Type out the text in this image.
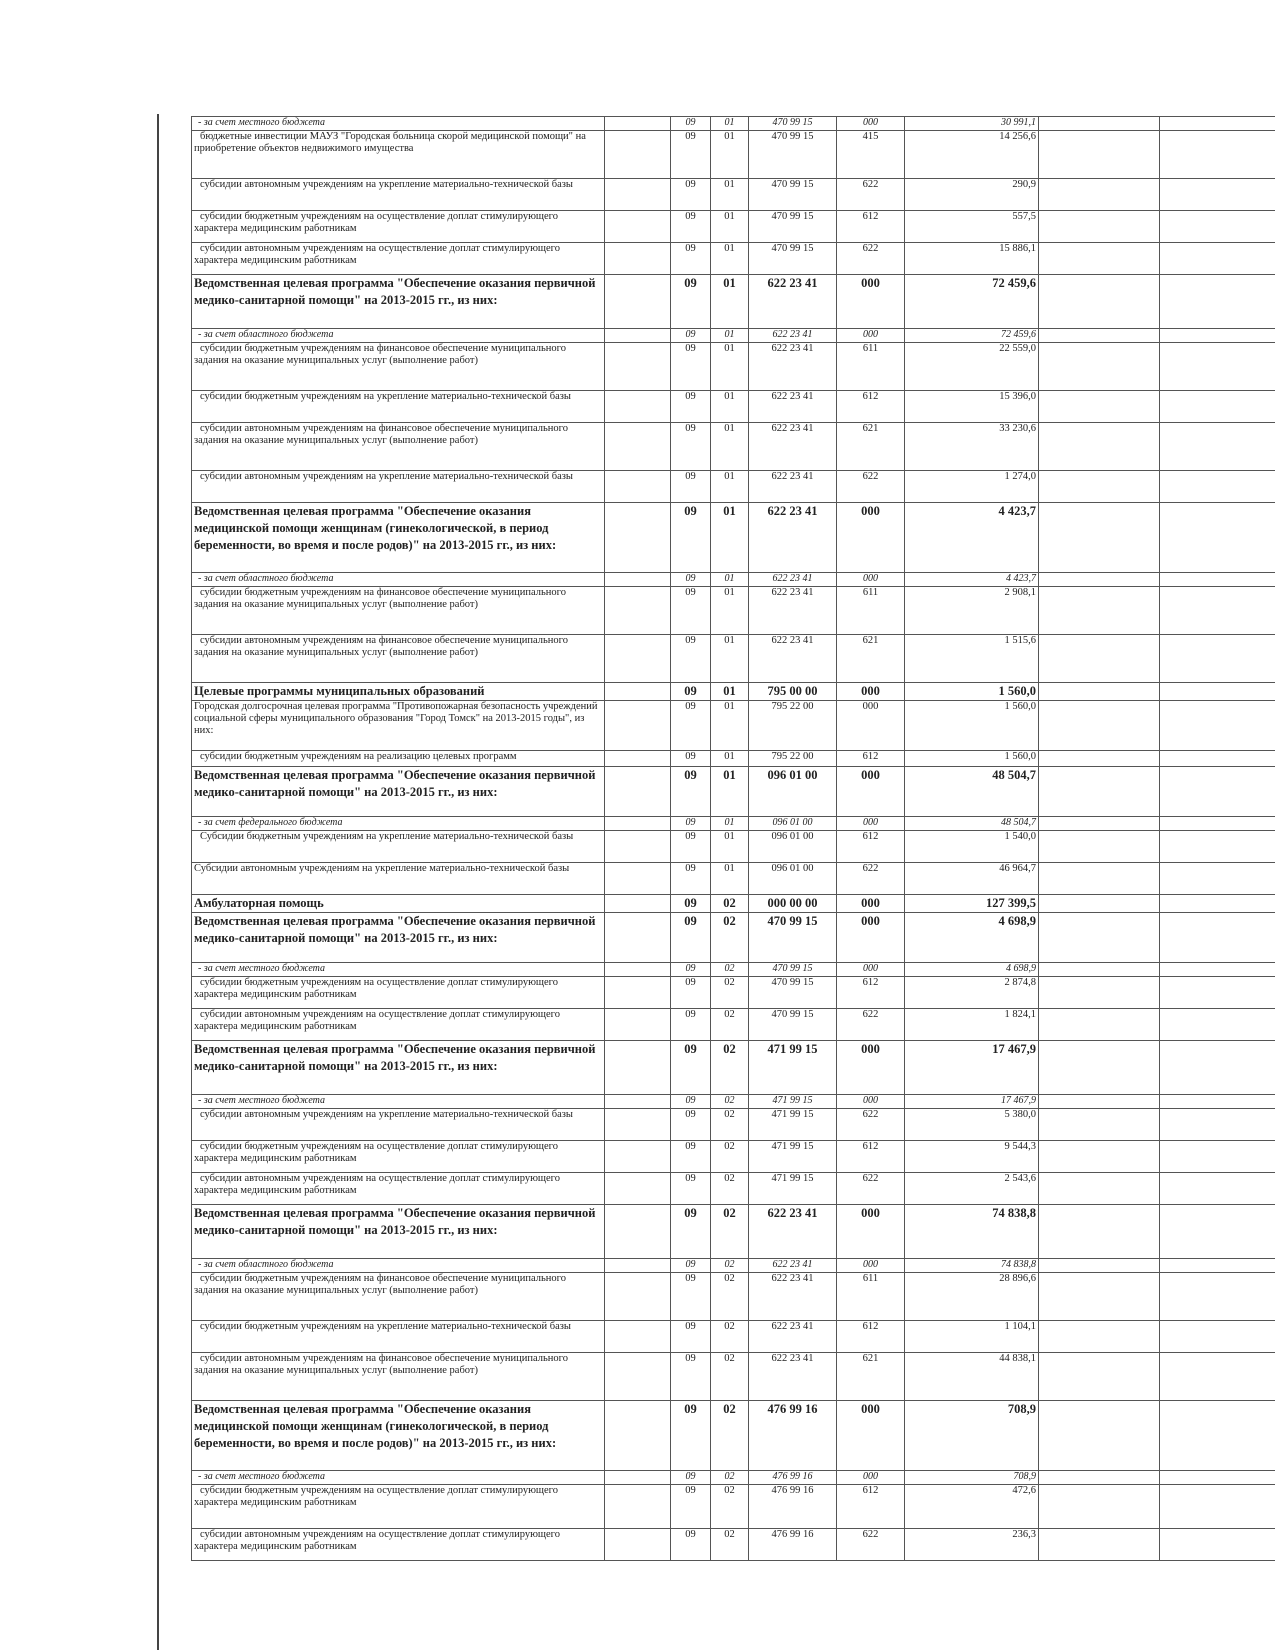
- за счет местного бюджета		09	01	470 99 15	000	30 991,1		
бюджетные инвестиции МАУЗ "Городская больница скорой медицинской помощи" на приобретение объектов недвижимого имущества		09	01	470 99 15	415	14 256,6		
субсидии автономным учреждениям на укрепление материально-технической базы		09	01	470 99 15	622	290,9		
субсидии бюджетным учреждениям на осуществление доплат стимулирующего характера медицинским работникам		09	01	470 99 15	612	557,5		
субсидии автономным учреждениям на осуществление доплат стимулирующего характера медицинским работникам		09	01	470 99 15	622	15 886,1		
Ведомственная целевая программа "Обеспечение оказания первичной медико-санитарной помощи" на 2013-2015 гг., из них:		09	01	622 23 41	000	72 459,6		
- за счет областного бюджета		09	01	622 23 41	000	72 459,6		
субсидии бюджетным учреждениям на финансовое обеспечение муниципального задания на оказание муниципальных услуг (выполнение работ)		09	01	622 23 41	611	22 559,0		
субсидии бюджетным учреждениям на укрепление материально-технической базы		09	01	622 23 41	612	15 396,0		
субсидии автономным учреждениям на финансовое обеспечение муниципального задания на оказание муниципальных услуг (выполнение работ)		09	01	622 23 41	621	33 230,6		
субсидии автономным учреждениям на укрепление материально-технической базы		09	01	622 23 41	622	1 274,0		
Ведомственная целевая программа "Обеспечение оказания медицинской помощи женщинам (гинекологической, в период беременности, во время и после родов)" на 2013-2015 гг., из них:		09	01	622 23 41	000	4 423,7		
- за счет областного бюджета		09	01	622 23 41	000	4 423,7		
субсидии бюджетным учреждениям на финансовое обеспечение муниципального задания на оказание муниципальных услуг (выполнение работ)		09	01	622 23 41	611	2 908,1		
субсидии автономным учреждениям на финансовое обеспечение муниципального задания на оказание муниципальных услуг (выполнение работ)		09	01	622 23 41	621	1 515,6		
Целевые программы муниципальных образований		09	01	795 00 00	000	1 560,0		
Городская долгосрочная целевая программа "Противопожарная безопасность учреждений социальной сферы муниципального образования "Город Томск" на 2013-2015 годы", из них:		09	01	795 22 00	000	1 560,0		
субсидии бюджетным учреждениям на реализацию целевых программ		09	01	795 22 00	612	1 560,0		
Ведомственная целевая программа "Обеспечение оказания первичной медико-санитарной помощи" на 2013-2015 гг., из них:		09	01	096 01 00	000	48 504,7		
- за счет федерального бюджета		09	01	096 01 00	000	48 504,7		
Субсидии бюджетным учреждениям на укрепление материально-технической базы		09	01	096 01 00	612	1 540,0		
Субсидии автономным учреждениям на укрепление материально-технической базы		09	01	096 01 00	622	46 964,7		
Амбулаторная помощь		09	02	000 00 00	000	127 399,5		
Ведомственная целевая программа "Обеспечение оказания первичной медико-санитарной помощи" на 2013-2015 гг., из них:		09	02	470 99 15	000	4 698,9		
- за счет местного бюджета		09	02	470 99 15	000	4 698,9		
субсидии бюджетным учреждениям на осуществление доплат стимулирующего характера медицинским работникам		09	02	470 99 15	612	2 874,8		
субсидии автономным учреждениям на осуществление доплат стимулирующего характера медицинским работникам		09	02	470 99 15	622	1 824,1		
Ведомственная целевая программа "Обеспечение оказания первичной медико-санитарной помощи" на 2013-2015 гг., из них:		09	02	471 99 15	000	17 467,9		
- за счет местного бюджета		09	02	471 99 15	000	17 467,9		
субсидии автономным учреждениям на укрепление материально-технической базы		09	02	471 99 15	622	5 380,0		
субсидии бюджетным учреждениям на осуществление доплат стимулирующего характера медицинским работникам		09	02	471 99 15	612	9 544,3		
субсидии автономным учреждениям на осуществление доплат стимулирующего характера медицинским работникам		09	02	471 99 15	622	2 543,6		
Ведомственная целевая программа "Обеспечение оказания первичной медико-санитарной помощи" на 2013-2015 гг., из них:		09	02	622 23 41	000	74 838,8		
- за счет областного бюджета		09	02	622 23 41	000	74 838,8		
субсидии бюджетным учреждениям на финансовое обеспечение муниципального задания на оказание муниципальных услуг (выполнение работ)		09	02	622 23 41	611	28 896,6		
субсидии бюджетным учреждениям на укрепление материально-технической базы		09	02	622 23 41	612	1 104,1		
субсидии автономным учреждениям на финансовое обеспечение муниципального задания на оказание муниципальных услуг (выполнение работ)		09	02	622 23 41	621	44 838,1		
Ведомственная целевая программа "Обеспечение оказания медицинской помощи женщинам (гинекологической, в период беременности, во время и после родов)" на 2013-2015 гг., из них:		09	02	476 99 16	000	708,9		
- за счет местного бюджета		09	02	476 99 16	000	708,9		
субсидии бюджетным учреждениям на осуществление доплат стимулирующего характера медицинским работникам		09	02	476 99 16	612	472,6		
субсидии автономным учреждениям на осуществление доплат стимулирующего характера медицинским работникам		09	02	476 99 16	622	236,3		
